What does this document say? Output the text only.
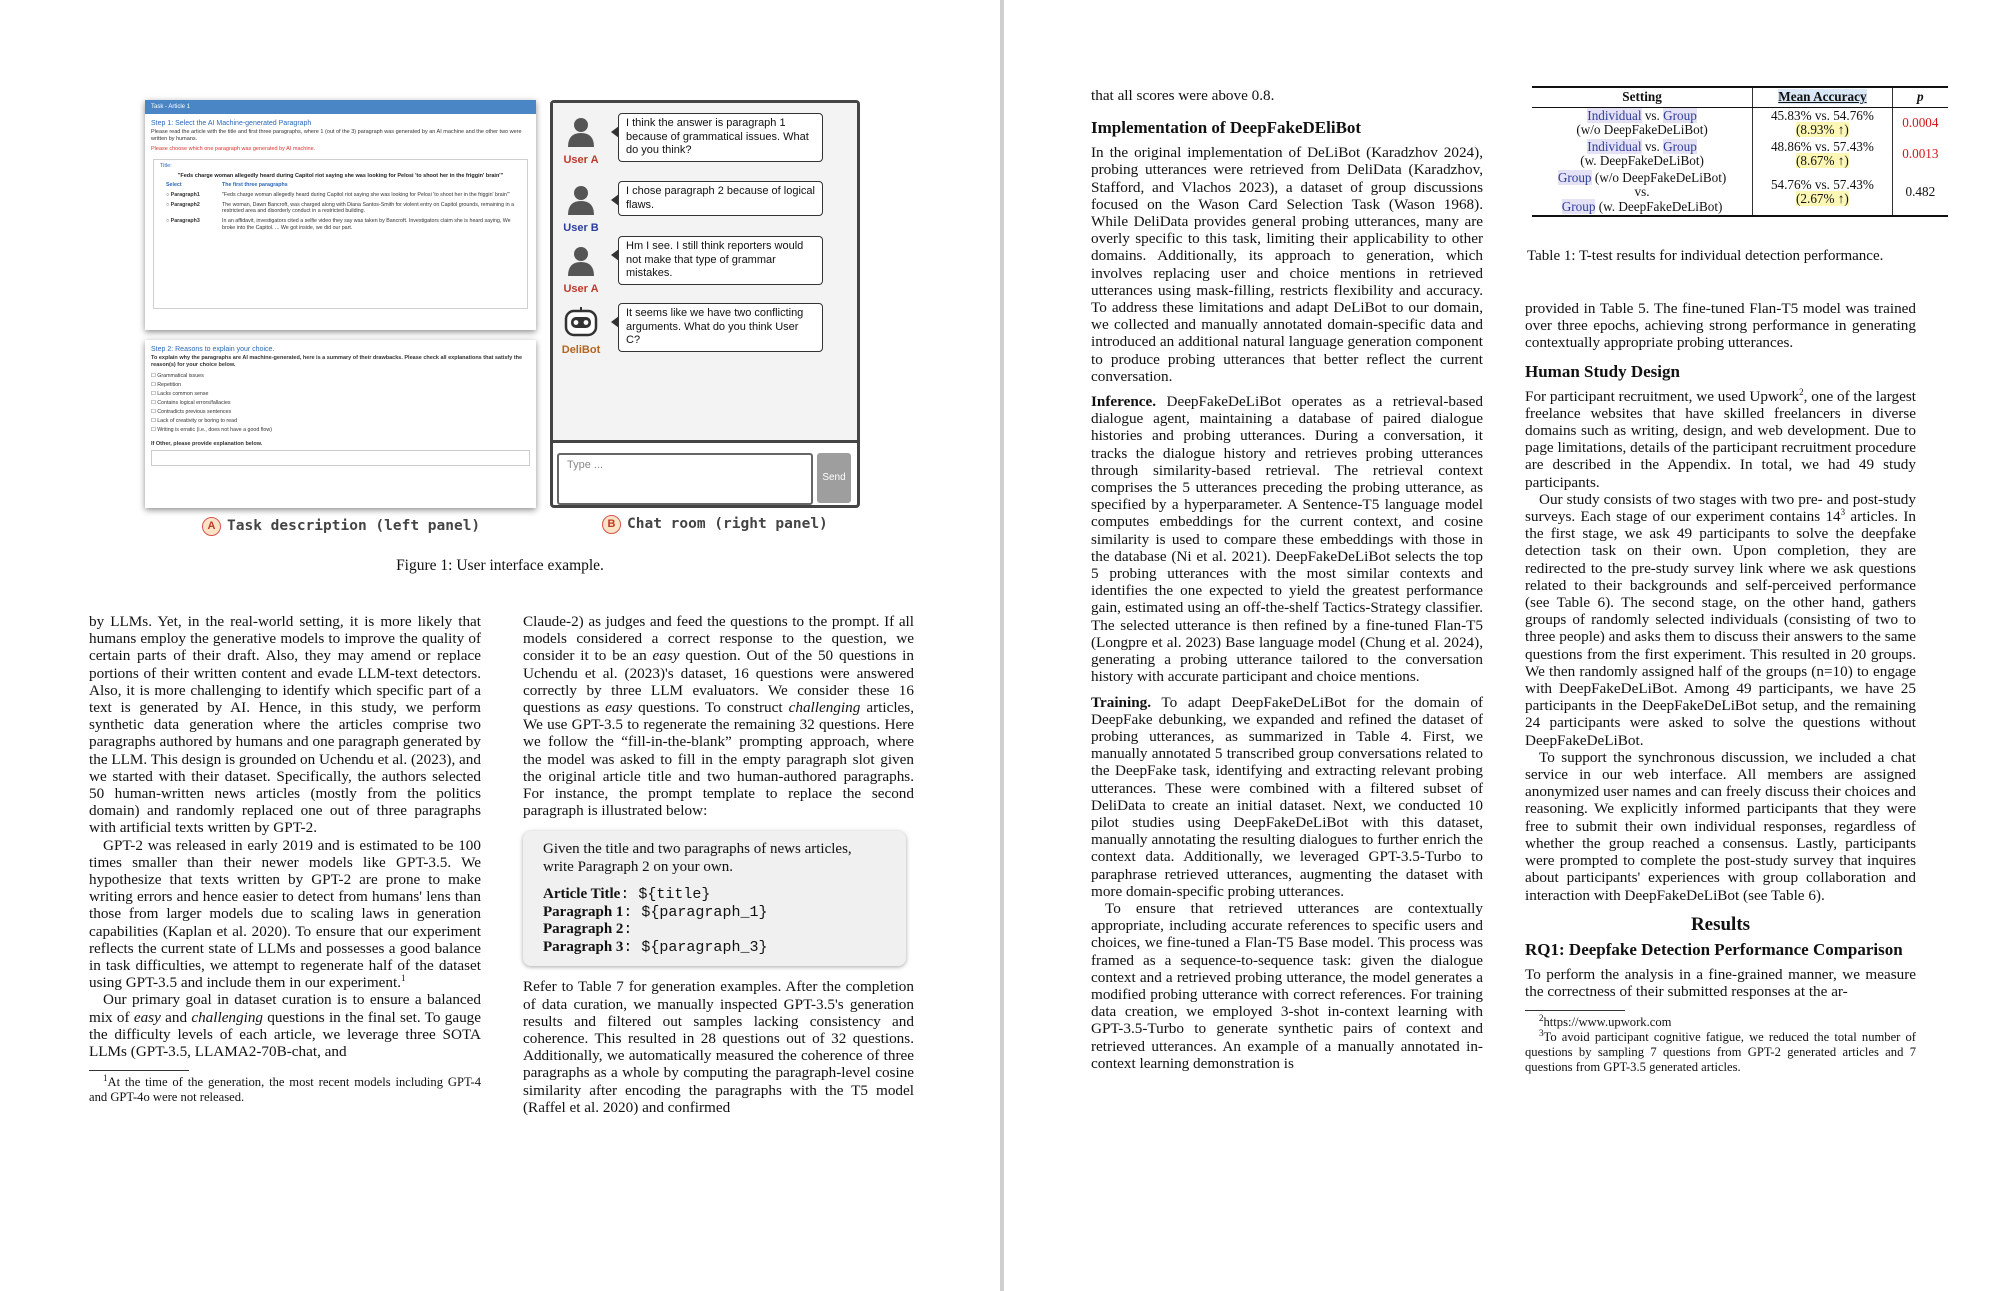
Task - Article 1
Step 1: Select the AI Machine-generated Paragraph
Please read the article with the title and first three paragraphs, where 1 (out of the 3) paragraph was generated by an AI machine and the other two were written by humans.
Please choose which one paragraph was generated by AI machine.
Title:
"Feds charge woman allegedly heard during Capitol riot saying she was looking for Pelosi 'to shoot her in the friggin' brain'"
Select	The first three paragraphs
○ Paragraph1	"Feds charge woman allegedly heard during Capitol riot saying she was looking for Pelosi 'to shoot her in the friggin' brain'"
○ Paragraph2	The woman, Dawn Bancroft, was charged along with Diana Santos-Smith for violent entry on Capitol grounds, remaining in a restricted area and disorderly conduct in a restricted building.
○ Paragraph3	In an affidavit, investigators cited a selfie video they say was taken by Bancroft. Investigators claim she is heard saying, We broke into the Capitol. ... We got inside, we did our part.
Step 2: Reasons to explain your choice.
To explain why the paragraphs are AI machine-generated, here is a summary of their drawbacks. Please check all explanations that satisfy the reason(s) for your choice below.
☐ Grammatical issues
☐ Repetition
☐ Lacks common sense
☐ Contains logical errors/fallacies
☐ Contradicts previous sentences
☐ Lack of creativity or boring to read
☐ Writing is erratic (i.e., does not have a good flow)
If Other, please provide explanation below.
A Task description (left panel)	B Chat room (right panel)
User A
I think the answer is paragraph 1 because of grammatical issues. What do you think?
User B
I chose paragraph 2 because of logical flaws.
User A
Hm I see. I still think reporters would not make that type of grammar mistakes.
DeliBot
It seems like we have two conflicting arguments. What do you think User C?
Type ...
Send
Figure 1: User interface example.

by LLMs. Yet, in the real-world setting, it is more likely that humans employ the generative models to improve the quality of certain parts of their draft. Also, they may amend or replace portions of their written content and evade LLM-text detectors. Also, it is more challenging to identify which specific part of a text is generated by AI. Hence, in this study, we perform synthetic data generation where the articles comprise two paragraphs authored by humans and one paragraph generated by the LLM. This design is grounded on Uchendu et al. (2023), and we started with their dataset. Specifically, the authors selected 50 human-written news articles (mostly from the politics domain) and randomly replaced one out of three paragraphs with artificial texts written by GPT-2.

GPT-2 was released in early 2019 and is estimated to be 100 times smaller than their newer models like GPT-3.5. We hypothesize that texts written by GPT-2 are prone to make writing errors and hence easier to detect from humans' lens than those from larger models due to scaling laws in generation capabilities (Kaplan et al. 2020). To ensure that our experiment reflects the current state of LLMs and possesses a good balance in task difficulties, we attempt to regenerate half of the dataset using GPT-3.5 and include them in our experiment.$^1$

Our primary goal in dataset curation is to ensure a balanced mix of easy and challenging questions in the final set. To gauge the difficulty levels of each article, we leverage three SOTA LLMs (GPT-3.5, LLAMA2-70B-chat, and

$^1$At the time of the generation, the most recent models including GPT-4 and GPT-4o were not released.

Claude-2) as judges and feed the questions to the prompt. If all models considered a correct response to the question, we consider it to be an easy question. Out of the 50 questions in Uchendu et al. (2023)'s dataset, 16 questions were answered correctly by three LLM evaluators. We consider these 16 questions as easy questions. To construct challenging articles, We use GPT-3.5 to regenerate the remaining 32 questions. Here we follow the “fill-in-the-blank” prompting approach, where the model was asked to fill in the empty paragraph slot given the original article title and two human-authored paragraphs. For instance, the prompt template to replace the second paragraph is illustrated below:

Given the title and two paragraphs of news articles, write Paragraph 2 on your own.
Article Title: ${title}
Paragraph 1: ${paragraph_1}
Paragraph 2:
Paragraph 3: ${paragraph_3}

Refer to Table 7 for generation examples. After the completion of data curation, we manually inspected GPT-3.5's generation results and filtered out samples lacking consistency and coherence. This resulted in 28 questions out of 32 questions. Additionally, we automatically measured the coherence of three paragraphs as a whole by computing the paragraph-level cosine similarity after encoding the paragraphs with the T5 model (Raffel et al. 2020) and confirmed

that all scores were above 0.8.

Implementation of DeepFakeDEliBot

In the original implementation of DeLiBot (Karadzhov 2024), probing utterances were retrieved from DeliData (Karadzhov, Stafford, and Vlachos 2023), a dataset of group discussions focused on the Wason Card Selection Task (Wason 1968). While DeliData provides general probing utterances, many are overly specific to this task, limiting their applicability to other domains. Additionally, its approach to generation, which involves replacing user and choice mentions in retrieved utterances using mask-filling, restricts flexibility and accuracy. To address these limitations and adapt DeLiBot to our domain, we collected and manually annotated domain-specific data and introduced an additional natural language generation component to produce probing utterances that better reflect the current conversation.

Inference. DeepFakeDeLiBot operates as a retrieval-based dialogue agent, maintaining a database of paired dialogue histories and probing utterances. During a conversation, it tracks the dialogue history and retrieves probing utterances through similarity-based retrieval. The retrieval context comprises the 5 utterances preceding the probing utterance, as specified by a hyperparameter. A Sentence-T5 language model computes embeddings for the current context, and cosine similarity is used to compare these embeddings with those in the database (Ni et al. 2021). DeepFakeDeLiBot selects the top 5 probing utterances with the most similar contexts and identifies the one expected to yield the greatest performance gain, estimated using an off-the-shelf Tactics-Strategy classifier. The selected utterance is then refined by a fine-tuned Flan-T5 (Longpre et al. 2023) Base language model (Chung et al. 2024), generating a probing utterance tailored to the conversation history with accurate participant and choice mentions.

Training. To adapt DeepFakeDeLiBot for the domain of DeepFake debunking, we expanded and refined the dataset of probing utterances, as summarized in Table 4. First, we manually annotated 5 transcribed group conversations related to the DeepFake task, identifying and extracting relevant probing utterances. These were combined with a filtered subset of DeliData to create an initial dataset. Next, we conducted 10 pilot studies using DeepFakeDeLiBot with this dataset, manually annotating the resulting dialogues to further enrich the context data. Additionally, we leveraged GPT-3.5-Turbo to paraphrase retrieved utterances, augmenting the dataset with more domain-specific probing utterances.

To ensure that retrieved utterances are contextually appropriate, including accurate references to specific users and choices, we fine-tuned a Flan-T5 Base model. This process was framed as a sequence-to-sequence task: given the dialogue context and a retrieved probing utterance, the model generates a modified probing utterance with correct references. For training data creation, we employed 3-shot in-context learning with GPT-3.5-Turbo to generate synthetic pairs of context and retrieved utterances. An example of a manually annotated in-context learning demonstration is

Setting	Mean Accuracy	p
Individual vs. Group
(w/o DeepFakeDeLiBot)	45.83% vs. 54.76%
(8.93% ↑)	0.0004
Individual vs. Group
(w. DeepFakeDeLiBot)	48.86% vs. 57.43%
(8.67% ↑)	0.0013
Group (w/o DeepFakeDeLiBot)
vs.
Group (w. DeepFakeDeLiBot)	54.76% vs. 57.43%
(2.67% ↑)	0.482
Table 1: T-test results for individual detection performance.

provided in Table 5. The fine-tuned Flan-T5 model was trained over three epochs, achieving strong performance in generating contextually appropriate probing utterances.

Human Study Design

For participant recruitment, we used Upwork$^2$, one of the largest freelance websites that have skilled freelancers in diverse domains such as writing, design, and web development. Due to page limitations, details of the participant recruitment procedure are described in the Appendix. In total, we had 49 study participants.

Our study consists of two stages with two pre- and post-study surveys. Each stage of our experiment contains $14^3$ articles. In the first stage, we ask 49 participants to solve the deepfake detection task on their own. Upon completion, they are redirected to the pre-study survey link where we ask questions related to their backgrounds and self-perceived performance (see Table 6). The second stage, on the other hand, gathers groups of randomly selected individuals (consisting of two to three people) and asks them to discuss their answers to the same questions from the first experiment. This resulted in 20 groups. We then randomly assigned half of the groups (n=10) to engage with DeepFakeDeLiBot. Among 49 participants, we have 25 participants in the DeepFakeDeLiBot setup, and the remaining 24 participants were asked to solve the questions without DeepFakeDeLiBot.

To support the synchronous discussion, we included a chat service in our web interface. All members are assigned anonymized user names and can freely discuss their choices and reasoning. We explicitly informed participants that they were free to submit their own individual responses, regardless of whether the group reached a consensus. Lastly, participants were prompted to complete the post-study survey that inquires about participants' experiences with group collaboration and interaction with DeepFakeDeLiBot (see Table 6).

Results
RQ1: Deepfake Detection Performance Comparison

To perform the analysis in a fine-grained manner, we measure the correctness of their submitted responses at the ar-

$^2$https://www.upwork.com

$^3$To avoid participant cognitive fatigue, we reduced the total number of questions by sampling 7 questions from GPT-2 generated articles and 7 questions from GPT-3.5 generated articles.
